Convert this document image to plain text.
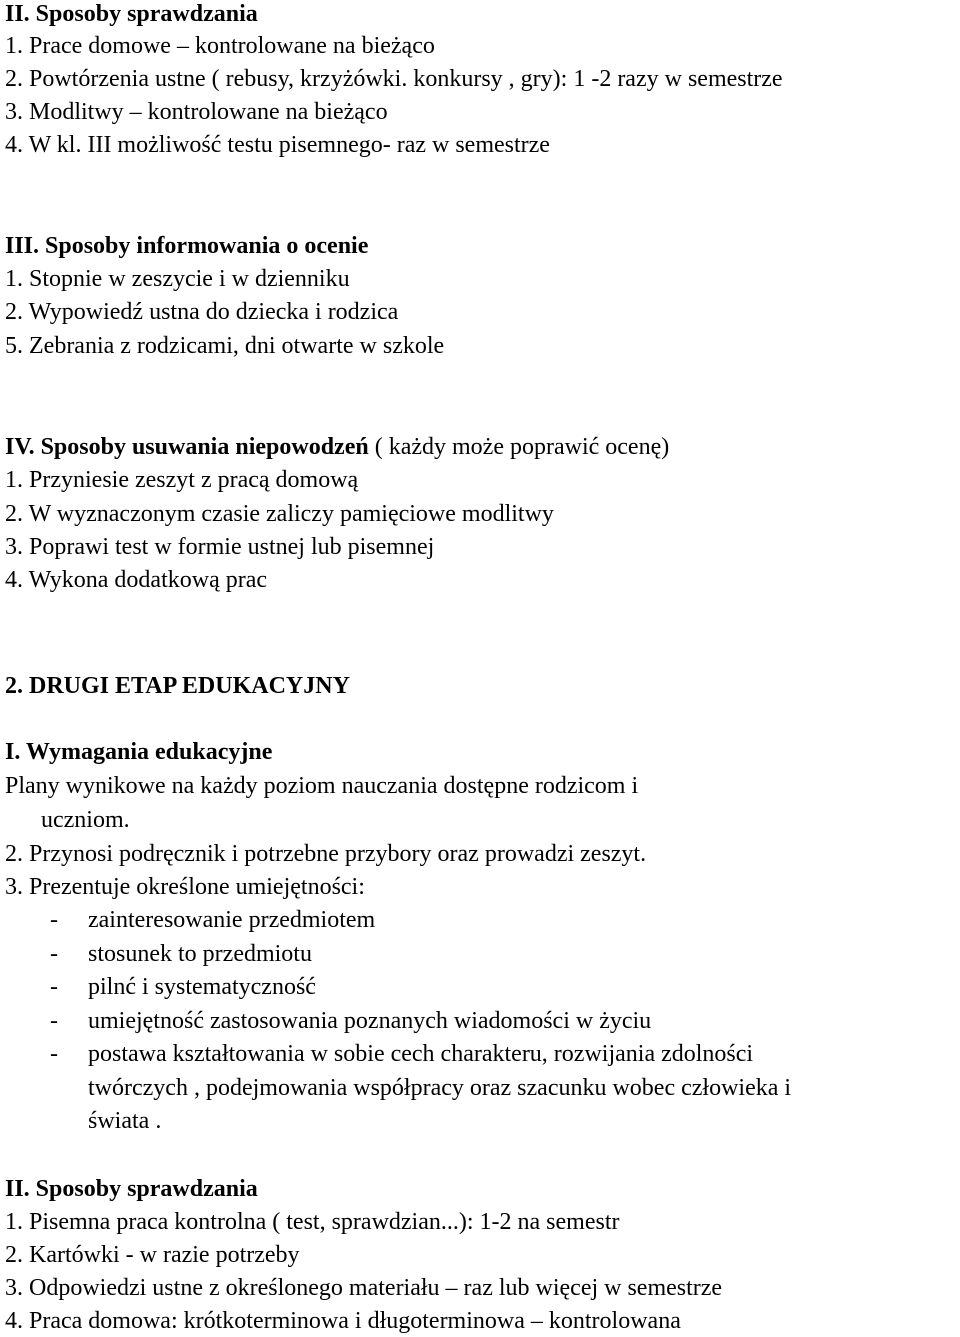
II. Sposoby sprawdzania
1. Prace domowe – kontrolowane na bieżąco
2. Powtórzenia ustne ( rebusy, krzyżówki. konkursy , gry): 1 -2 razy w semestrze
3. Modlitwy – kontrolowane na bieżąco
4. W kl. III możliwość testu pisemnego- raz w semestrze
III. Sposoby informowania o ocenie
1. Stopnie w zeszycie i w dzienniku
2. Wypowiedź ustna do dziecka i rodzica
5. Zebrania z rodzicami, dni otwarte w szkole
IV. Sposoby usuwania niepowodzeń ( każdy może poprawić ocenę)
1. Przyniesie zeszyt z pracą domową
2. W wyznaczonym czasie zaliczy pamięciowe modlitwy
3. Poprawi test w formie ustnej lub pisemnej
4. Wykona dodatkową prac
2. DRUGI ETAP EDUKACYJNY
I. Wymagania edukacyjne
Plany wynikowe na każdy poziom nauczania dostępne rodzicom i
uczniom.
2. Przynosi podręcznik i potrzebne przybory oraz prowadzi zeszyt.
3. Prezentuje określone umiejętności:
- zainteresowanie przedmiotem
- stosunek to przedmiotu
- pilnć i systematyczność
- umiejętność zastosowania poznanych wiadomości w życiu
- postawa kształtowania w sobie cech charakteru, rozwijania zdolności
twórczych , podejmowania współpracy oraz szacunku wobec człowieka i
świata .
II. Sposoby sprawdzania
1. Pisemna praca kontrolna ( test, sprawdzian...): 1-2 na semestr
2. Kartówki - w razie potrzeby
3. Odpowiedzi ustne z określonego materiału – raz lub więcej w semestrze
4. Praca domowa: krótkoterminowa i długoterminowa – kontrolowana
